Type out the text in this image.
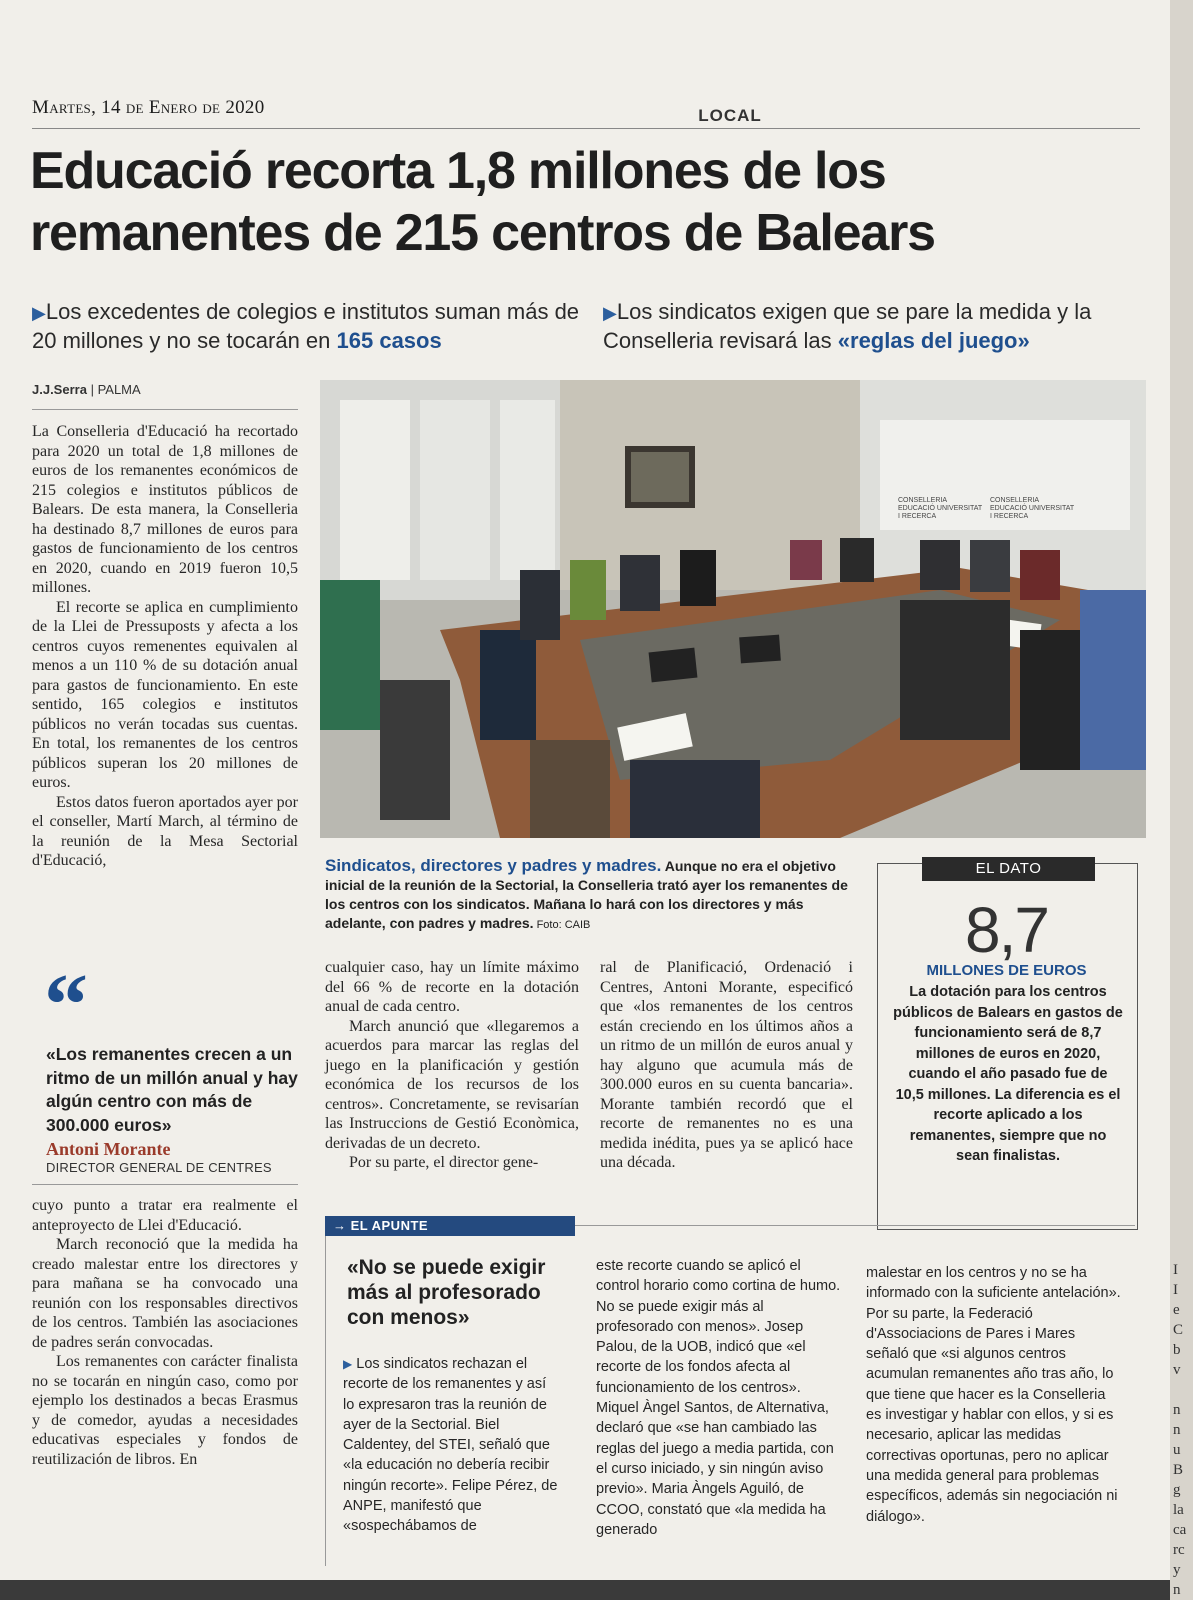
Martes, 14 de Enero de 2020	LOCAL
Educació recorta 1,8 millones de los
remanentes de 215 centros de Balears
▶Los excedentes de colegios e institutos suman más de 20 millones y no se tocarán en 165 casos
▶Los sindicatos exigen que se pare la medida y la Conselleria revisará las «reglas del juego»
J.J.Serra | PALMA

La Conselleria d'Educació ha recortado para 2020 un total de 1,8 millones de euros de los remanentes económicos de 215 colegios e institutos públicos de Balears. De esta manera, la Conselleria ha destinado 8,7 millones de euros para gastos de funcionamiento de los centros en 2020, cuando en 2019 fueron 10,5 millones.

El recorte se aplica en cumplimiento de la Llei de Pressuposts y afecta a los centros cuyos remenentes equivalen al menos a un 110 % de su dotación anual para gastos de funcionamiento. En este sentido, 165 colegios e institutos públicos no verán tocadas sus cuentas. En total, los remanentes de los centros públicos superan los 20 millones de euros.

Estos datos fueron aportados ayer por el conseller, Martí March, al término de la reunión de la Mesa Sectorial d'Educació,

“
«Los remanentes crecen a un ritmo de un millón anual y hay algún centro con más de 300.000 euros»
Antoni Morante
DIRECTOR GENERAL DE CENTRES

cuyo punto a tratar era realmente el anteproyecto de Llei d'Educació.

March reconoció que la medida ha creado malestar entre los directores y para mañana se ha convocado una reunión con los responsables directivos de los centros. También las asociaciones de padres serán convocadas.

Los remanentes con carácter finalista no se tocarán en ningún caso, como por ejemplo los destinados a becas Erasmus y de comedor, ayudas a necesidades educativas especiales y fondos de reutilización de libros. En

CONSELLERIA EDUCACIÓ UNIVERSITAT I RECERCA
CONSELLERIA EDUCACIÓ UNIVERSITAT I RECERCA
Sindicatos, directores y padres y madres. Aunque no era el objetivo inicial de la reunión de la Sectorial, la Conselleria trató ayer los remanentes de los centros con los sindicatos. Mañana lo hará con los directores y más adelante, con padres y madres. Foto: CAIB
EL DATO
8,7
MILLONES DE EUROS
La dotación para los centros públicos de Balears en gastos de funcionamiento será de 8,7 millones de euros en 2020, cuando el año pasado fue de 10,5 millones. La diferencia es el recorte aplicado a los remanentes, siempre que no sean finalistas.

cualquier caso, hay un límite máximo del 66 % de recorte en la dotación anual de cada centro.

March anunció que «llegaremos a acuerdos para marcar las reglas del juego en la planificación y gestión económica de los recursos de los centros». Concretamente, se revisarían las Instruccions de Gestió Econòmica, derivadas de un decreto.

Por su parte, el director gene-

ral de Planificació, Ordenació i Centres, Antoni Morante, especificó que «los remanentes de los centros están creciendo en los últimos años a un ritmo de un millón de euros anual y hay alguno que acumula más de 300.000 euros en su cuenta bancaria». Morante también recordó que el recorte de remanentes no es una medida inédita, pues ya se aplicó hace una década.

→ EL APUNTE
«No se puede exigir más al profesorado con menos»

▶ Los sindicatos rechazan el recorte de los remanentes y así lo expresaron tras la reunión de ayer de la Sectorial. Biel Caldentey, del STEI, señaló que «la educación no debería recibir ningún recorte». Felipe Pérez, de ANPE, manifestó que «sospechábamos de

este recorte cuando se aplicó el control horario como cortina de humo. No se puede exigir más al profesorado con menos». Josep Palou, de la UOB, indicó que «el recorte de los fondos afecta al funcionamiento de los centros». Miquel Àngel Santos, de Alternativa, declaró que «se han cambiado las reglas del juego a media partida, con el curso iniciado, y sin ningún aviso previo». Maria Àngels Aguiló, de CCOO, constató que «la medida ha generado

malestar en los centros y no se ha informado con la suficiente antelación». Por su parte, la Federació d'Associacions de Pares i Mares señaló que «si algunos centros acumulan remanentes año tras año, lo que tiene que hacer es la Conselleria es investigar y hablar con ellos, y si es necesario, aplicar las medidas correctivas oportunas, pero no aplicar una medida general para problemas específicos, además sin negociación ni diálogo».

I
I
e
C
b
v

n
n
u
B
g
la
ca
rc
y
n
